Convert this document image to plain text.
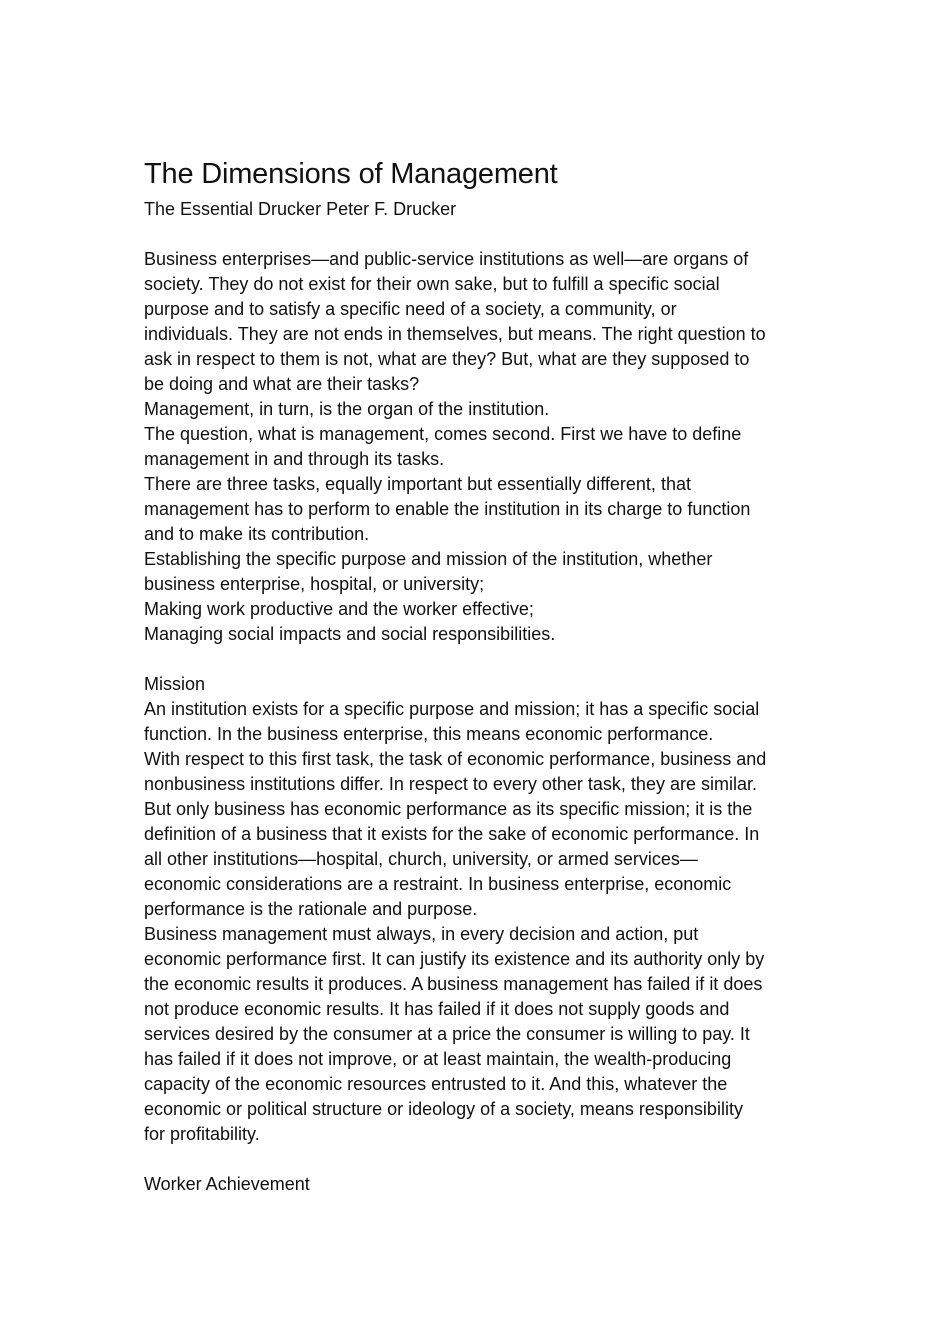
The Dimensions of Management

The Essential Drucker Peter F. Drucker

Business enterprises—and public-service institutions as well—are organs of
society. They do not exist for their own sake, but to fulfill a specific social
purpose and to satisfy a specific need of a society, a community, or
individuals. They are not ends in themselves, but means. The right question to
ask in respect to them is not, what are they? But, what are they supposed to
be doing and what are their tasks?

Management, in turn, is the organ of the institution.

The question, what is management, comes second. First we have to define
management in and through its tasks.

There are three tasks, equally important but essentially different, that
management has to perform to enable the institution in its charge to function
and to make its contribution.

Establishing the specific purpose and mission of the institution, whether
business enterprise, hospital, or university;

Making work productive and the worker effective;

Managing social impacts and social responsibilities.

Mission

An institution exists for a specific purpose and mission; it has a specific social
function. In the business enterprise, this means economic performance.

With respect to this first task, the task of economic performance, business and
nonbusiness institutions differ. In respect to every other task, they are similar.
But only business has economic performance as its specific mission; it is the
definition of a business that it exists for the sake of economic performance. In
all other institutions—hospital, church, university, or armed services—
economic considerations are a restraint. In business enterprise, economic
performance is the rationale and purpose.

Business management must always, in every decision and action, put
economic performance first. It can justify its existence and its authority only by
the economic results it produces. A business management has failed if it does
not produce economic results. It has failed if it does not supply goods and
services desired by the consumer at a price the consumer is willing to pay. It
has failed if it does not improve, or at least maintain, the wealth-producing
capacity of the economic resources entrusted to it. And this, whatever the
economic or political structure or ideology of a society, means responsibility
for profitability.

Worker Achievement
